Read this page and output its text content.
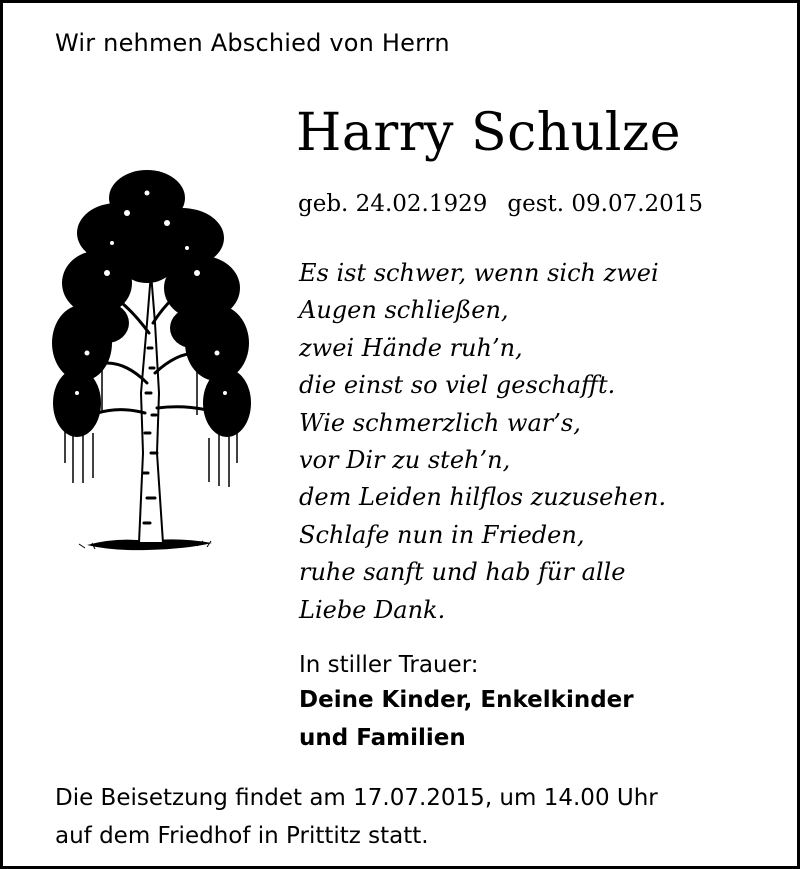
Wir nehmen Abschied von Herrn
Harry Schulze
geb. 24.02.1929 gest. 09.07.2015
Es ist schwer, wenn sich zwei
Augen schließen,
zwei Hände ruh’n,
die einst so viel geschafft.
Wie schmerzlich war’s,
vor Dir zu steh’n,
dem Leiden hilflos zuzusehen.
Schlafe nun in Frieden,
ruhe sanft und hab für alle
Liebe Dank.
In stiller Trauer:
Deine Kinder, Enkelkinder
und Familien
Die Beisetzung findet am 17.07.2015, um 14.00 Uhr
auf dem Friedhof in Prittitz statt.
